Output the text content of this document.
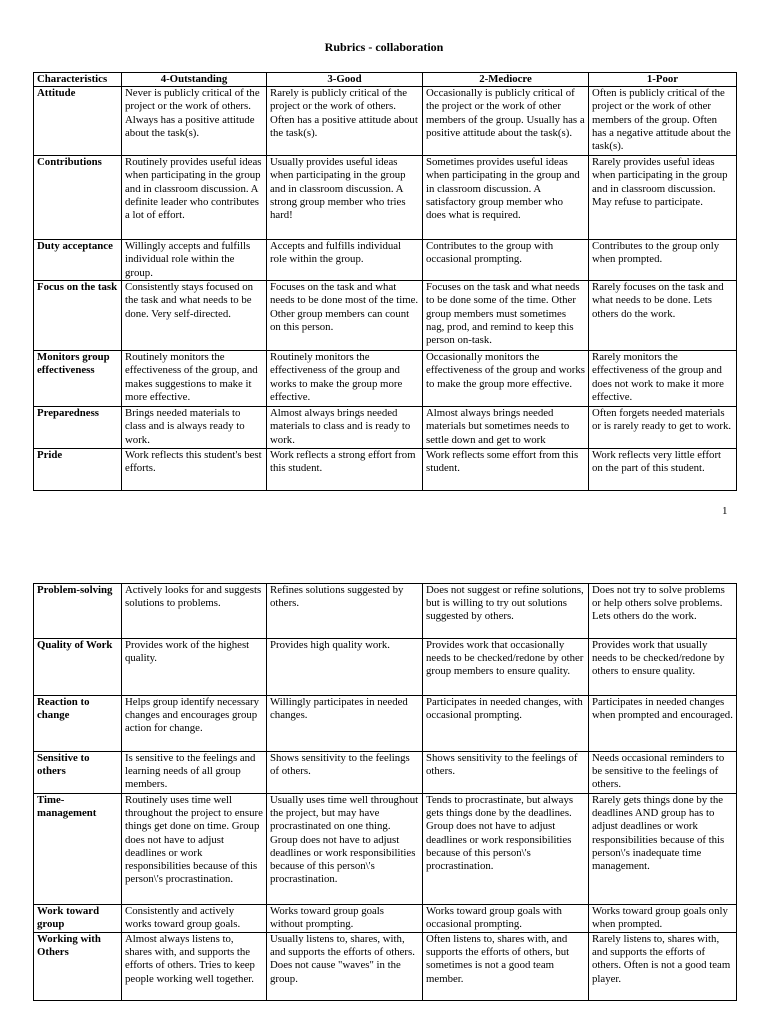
Rubrics - collaboration
Characteristics	4-Outstanding	3-Good	2-Mediocre	1-Poor
Attitude	Never is publicly critical of the project or the work of others. Always has a positive attitude about the task(s).	Rarely is publicly critical of the project or the work of others. Often has a positive attitude about the task(s).	Occasionally is publicly critical of the project or the work of other members of the group. Usually has a positive attitude about the task(s).	Often is publicly critical of the project or the work of other members of the group. Often has a negative attitude about the task(s).
Contributions	Routinely provides useful ideas when participating in the group and in classroom discussion. A definite leader who contributes a lot of effort.	Usually provides useful ideas when participating in the group and in classroom discussion. A strong group member who tries hard!	Sometimes provides useful ideas when participating in the group and in classroom discussion. A satisfactory group member who does what is required.	Rarely provides useful ideas when participating in the group and in classroom discussion. May refuse to participate.
Duty acceptance	Willingly accepts and fulfills individual role within the group.	Accepts and fulfills individual role within the group.	Contributes to the group with occasional prompting.	Contributes to the group only when prompted.
Focus on the task	Consistently stays focused on the task and what needs to be done. Very self-directed.	Focuses on the task and what needs to be done most of the time. Other group members can count on this person.	Focuses on the task and what needs to be done some of the time. Other group members must sometimes nag, prod, and remind to keep this person on-task.	Rarely focuses on the task and what needs to be done. Lets others do the work.
Monitors group effectiveness	Routinely monitors the effectiveness of the group, and makes suggestions to make it more effective.	Routinely monitors the effectiveness of the group and works to make the group more effective.	Occasionally monitors the effectiveness of the group and works to make the group more effective.	Rarely monitors the effectiveness of the group and does not work to make it more effective.
Preparedness	Brings needed materials to class and is always ready to work.	Almost always brings needed materials to class and is ready to work.	Almost always brings needed materials but sometimes needs to settle down and get to work	Often forgets needed materials or is rarely ready to get to work.
Pride	Work reflects this student's best efforts.	Work reflects a strong effort from this student.	Work reflects some effort from this student.	Work reflects very little effort on the part of this student.
1
Problem-solving	Actively looks for and suggests solutions to problems.	Refines solutions suggested by others.	Does not suggest or refine solutions, but is willing to try out solutions suggested by others.	Does not try to solve problems or help others solve problems. Lets others do the work.
Quality of Work	Provides work of the highest quality.	Provides high quality work.	Provides work that occasionally needs to be checked/redone by other group members to ensure quality.	Provides work that usually needs to be checked/redone by others to ensure quality.
Reaction to change	Helps group identify necessary changes and encourages group action for change.	Willingly participates in needed changes.	Participates in needed changes, with occasional prompting.	Participates in needed changes when prompted and encouraged.
Sensitive to others	Is sensitive to the feelings and learning needs of all group members.	Shows sensitivity to the feelings of others.	Shows sensitivity to the feelings of others.	Needs occasional reminders to be sensitive to the feelings of others.
Time-management	Routinely uses time well throughout the project to ensure things get done on time. Group does not have to adjust deadlines or work responsibilities because of this person\'s procrastination.	Usually uses time well throughout the project, but may have procrastinated on one thing. Group does not have to adjust deadlines or work responsibilities because of this person\'s procrastination.	Tends to procrastinate, but always gets things done by the deadlines. Group does not have to adjust deadlines or work responsibilities because of this person\'s procrastination.	Rarely gets things done by the deadlines AND group has to adjust deadlines or work responsibilities because of this person\'s inadequate time management.
Work toward group	Consistently and actively works toward group goals.	Works toward group goals without prompting.	Works toward group goals with occasional prompting.	Works toward group goals only when prompted.
Working with Others	Almost always listens to, shares with, and supports the efforts of others. Tries to keep people working well together.	Usually listens to, shares, with, and supports the efforts of others. Does not cause "waves" in the group.	Often listens to, shares with, and supports the efforts of others, but sometimes is not a good team member.	Rarely listens to, shares with, and supports the efforts of others. Often is not a good team player.
